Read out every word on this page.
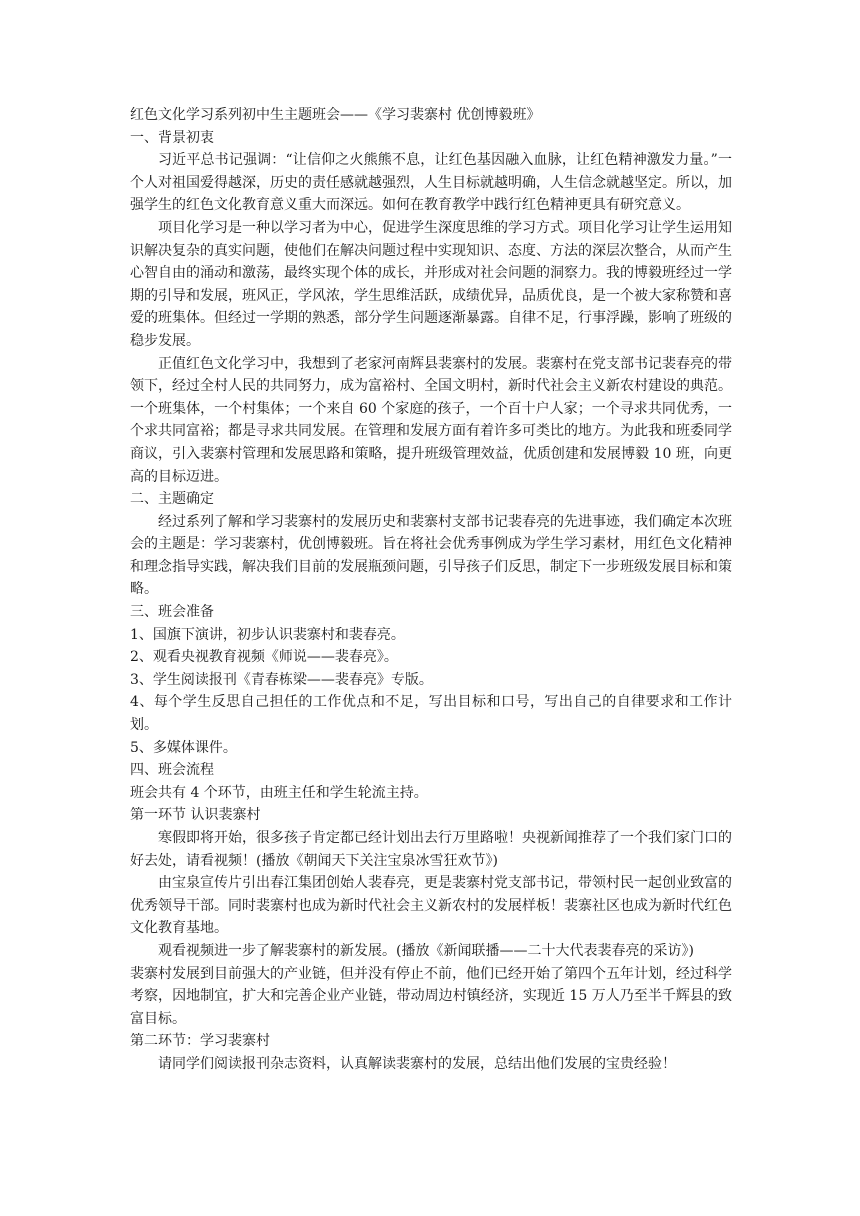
红色文化学习系列初中生主题班会——《学习裴寨村 优创博毅班》

一、背景初衷

习近平总书记强调：“让信仰之火熊熊不息，让红色基因融入血脉，让红色精神激发力量。”一个人对祖国爱得越深，历史的责任感就越强烈，人生目标就越明确，人生信念就越坚定。所以，加强学生的红色文化教育意义重大而深远。如何在教育教学中践行红色精神更具有研究意义。

项目化学习是一种以学习者为中心，促进学生深度思维的学习方式。项目化学习让学生运用知识解决复杂的真实问题，使他们在解决问题过程中实现知识、态度、方法的深层次整合，从而产生心智自由的涌动和激荡，最终实现个体的成长，并形成对社会问题的洞察力。我的博毅班经过一学期的引导和发展，班风正，学风浓，学生思维活跃，成绩优异，品质优良，是一个被大家称赞和喜爱的班集体。但经过一学期的熟悉，部分学生问题逐渐暴露。自律不足，行事浮躁，影响了班级的稳步发展。

正值红色文化学习中，我想到了老家河南辉县裴寨村的发展。裴寨村在党支部书记裴春亮的带领下，经过全村人民的共同努力，成为富裕村、全国文明村，新时代社会主义新农村建设的典范。一个班集体，一个村集体；一个来自 60 个家庭的孩子，一个百十户人家；一个寻求共同优秀，一个求共同富裕；都是寻求共同发展。在管理和发展方面有着许多可类比的地方。为此我和班委同学商议，引入裴寨村管理和发展思路和策略，提升班级管理效益，优质创建和发展博毅 10 班，向更高的目标迈进。

二、主题确定

经过系列了解和学习裴寨村的发展历史和裴寨村支部书记裴春亮的先进事迹，我们确定本次班会的主题是：学习裴寨村，优创博毅班。旨在将社会优秀事例成为学生学习素材，用红色文化精神和理念指导实践，解决我们目前的发展瓶颈问题，引导孩子们反思，制定下一步班级发展目标和策略。

三、班会准备

1、国旗下演讲，初步认识裴寨村和裴春亮。

2、观看央视教育视频《师说——裴春亮》。

3、学生阅读报刊《青春栋梁——裴春亮》专版。

4、每个学生反思自己担任的工作优点和不足，写出目标和口号，写出自己的自律要求和工作计划。

5、多媒体课件。

四、班会流程

班会共有 4 个环节，由班主任和学生轮流主持。

第一环节 认识裴寨村

寒假即将开始，很多孩子肯定都已经计划出去行万里路啦！央视新闻推荐了一个我们家门口的好去处，请看视频！(播放《朝闻天下关注宝泉冰雪狂欢节》)

由宝泉宣传片引出春江集团创始人裴春亮，更是裴寨村党支部书记，带领村民一起创业致富的优秀领导干部。同时裴寨村也成为新时代社会主义新农村的发展样板！裴寨社区也成为新时代红色文化教育基地。

观看视频进一步了解裴寨村的新发展。(播放《新闻联播——二十大代表裴春亮的采访》)

裴寨村发展到目前强大的产业链，但并没有停止不前，他们已经开始了第四个五年计划，经过科学考察，因地制宜，扩大和完善企业产业链，带动周边村镇经济，实现近 15 万人乃至半千辉县的致富目标。

第二环节：学习裴寨村

请同学们阅读报刊杂志资料，认真解读裴寨村的发展，总结出他们发展的宝贵经验！
